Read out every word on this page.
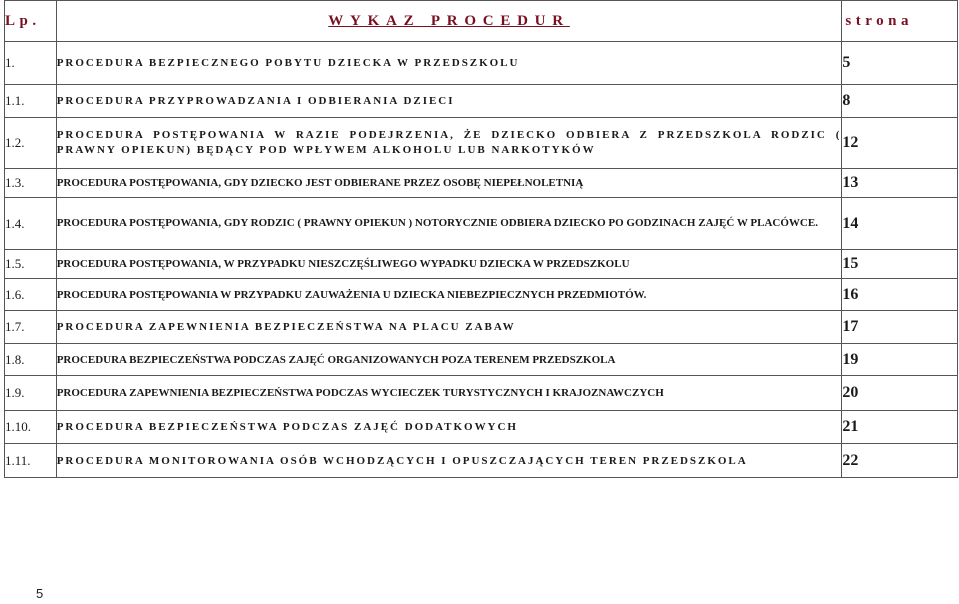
Lp.	WYKAZ PROCEDUR	strona
1.	PROCEDURA BEZPIECZNEGO POBYTU DZIECKA W PRZEDSZKOLU	5
1.1.	PROCEDURA PRZYPROWADZANIA I ODBIERANIA DZIECI	8
1.2.	PROCEDURA POSTĘPOWANIA W RAZIE PODEJRZENIA, ŻE DZIECKO ODBIERA Z PRZEDSZKOLA RODZIC ( PRAWNY OPIEKUN) BĘDĄCY POD WPŁYWEM ALKOHOLU LUB NARKOTYKÓW	12
1.3.	PROCEDURA POSTĘPOWANIA, GDY DZIECKO JEST ODBIERANE PRZEZ OSOBĘ NIEPEŁNOLETNIĄ	13
1.4.	PROCEDURA POSTĘPOWANIA, GDY RODZIC ( PRAWNY OPIEKUN ) NOTORYCZNIE ODBIERA DZIECKO PO GODZINACH ZAJĘĆ W PLACÓWCE.	14
1.5.	PROCEDURA POSTĘPOWANIA, W PRZYPADKU NIESZCZĘŚLIWEGO WYPADKU DZIECKA W PRZEDSZKOLU	15
1.6.	PROCEDURA POSTĘPOWANIA W PRZYPADKU ZAUWAŻENIA U DZIECKA NIEBEZPIECZNYCH PRZEDMIOTÓW.	16
1.7.	PROCEDURA ZAPEWNIENIA BEZPIECZEŃSTWA NA PLACU ZABAW	17
1.8.	PROCEDURA BEZPIECZEŃSTWA PODCZAS ZAJĘĆ ORGANIZOWANYCH POZA TERENEM PRZEDSZKOLA	19
1.9.	PROCEDURA ZAPEWNIENIA BEZPIECZEŃSTWA PODCZAS WYCIECZEK TURYSTYCZNYCH I KRAJOZNAWCZYCH	20
1.10.	PROCEDURA BEZPIECZEŃSTWA PODCZAS ZAJĘĆ DODATKOWYCH	21
1.11.	PROCEDURA MONITOROWANIA OSÓB WCHODZĄCYCH I OPUSZCZAJĄCYCH TEREN PRZEDSZKOLA	22
5
